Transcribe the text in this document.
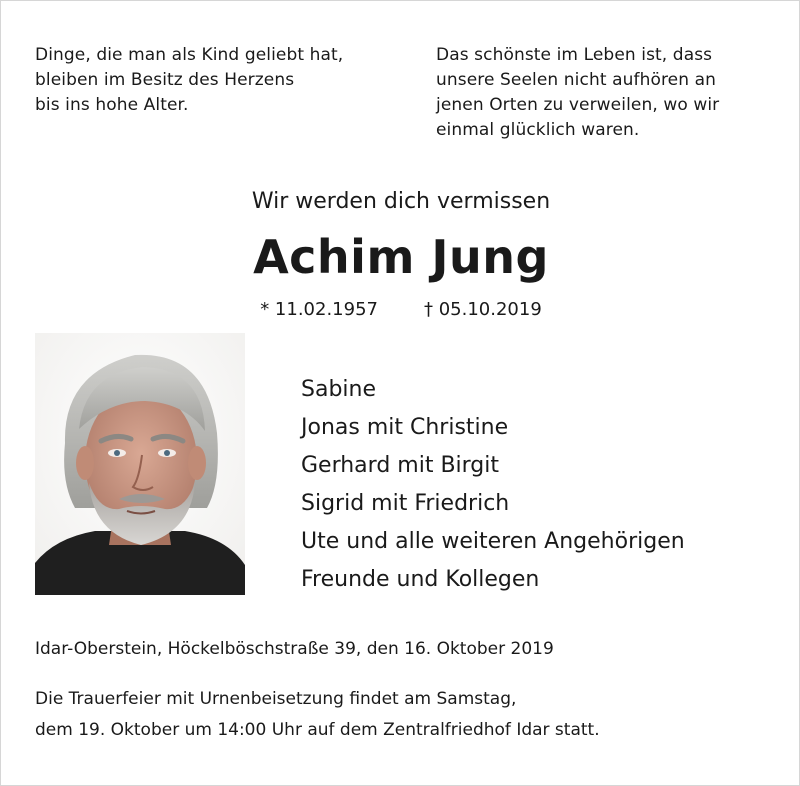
Dinge, die man als Kind geliebt hat,
bleiben im Besitz des Herzens
bis ins hohe Alter.
Das schönste im Leben ist, dass
unsere Seelen nicht aufhören an
jenen Orten zu verweilen, wo wir
einmal glücklich waren.
Wir werden dich vermissen
Achim Jung
* 11.02.1957	† 05.10.2019
Sabine
Jonas mit Christine
Gerhard mit Birgit
Sigrid mit Friedrich
Ute und alle weiteren Angehörigen
Freunde und Kollegen
Idar-Oberstein, Höckelböschstraße 39, den 16. Oktober 2019
Die Trauerfeier mit Urnenbeisetzung findet am Samstag,
dem 19. Oktober um 14:00 Uhr auf dem Zentralfriedhof Idar statt.
